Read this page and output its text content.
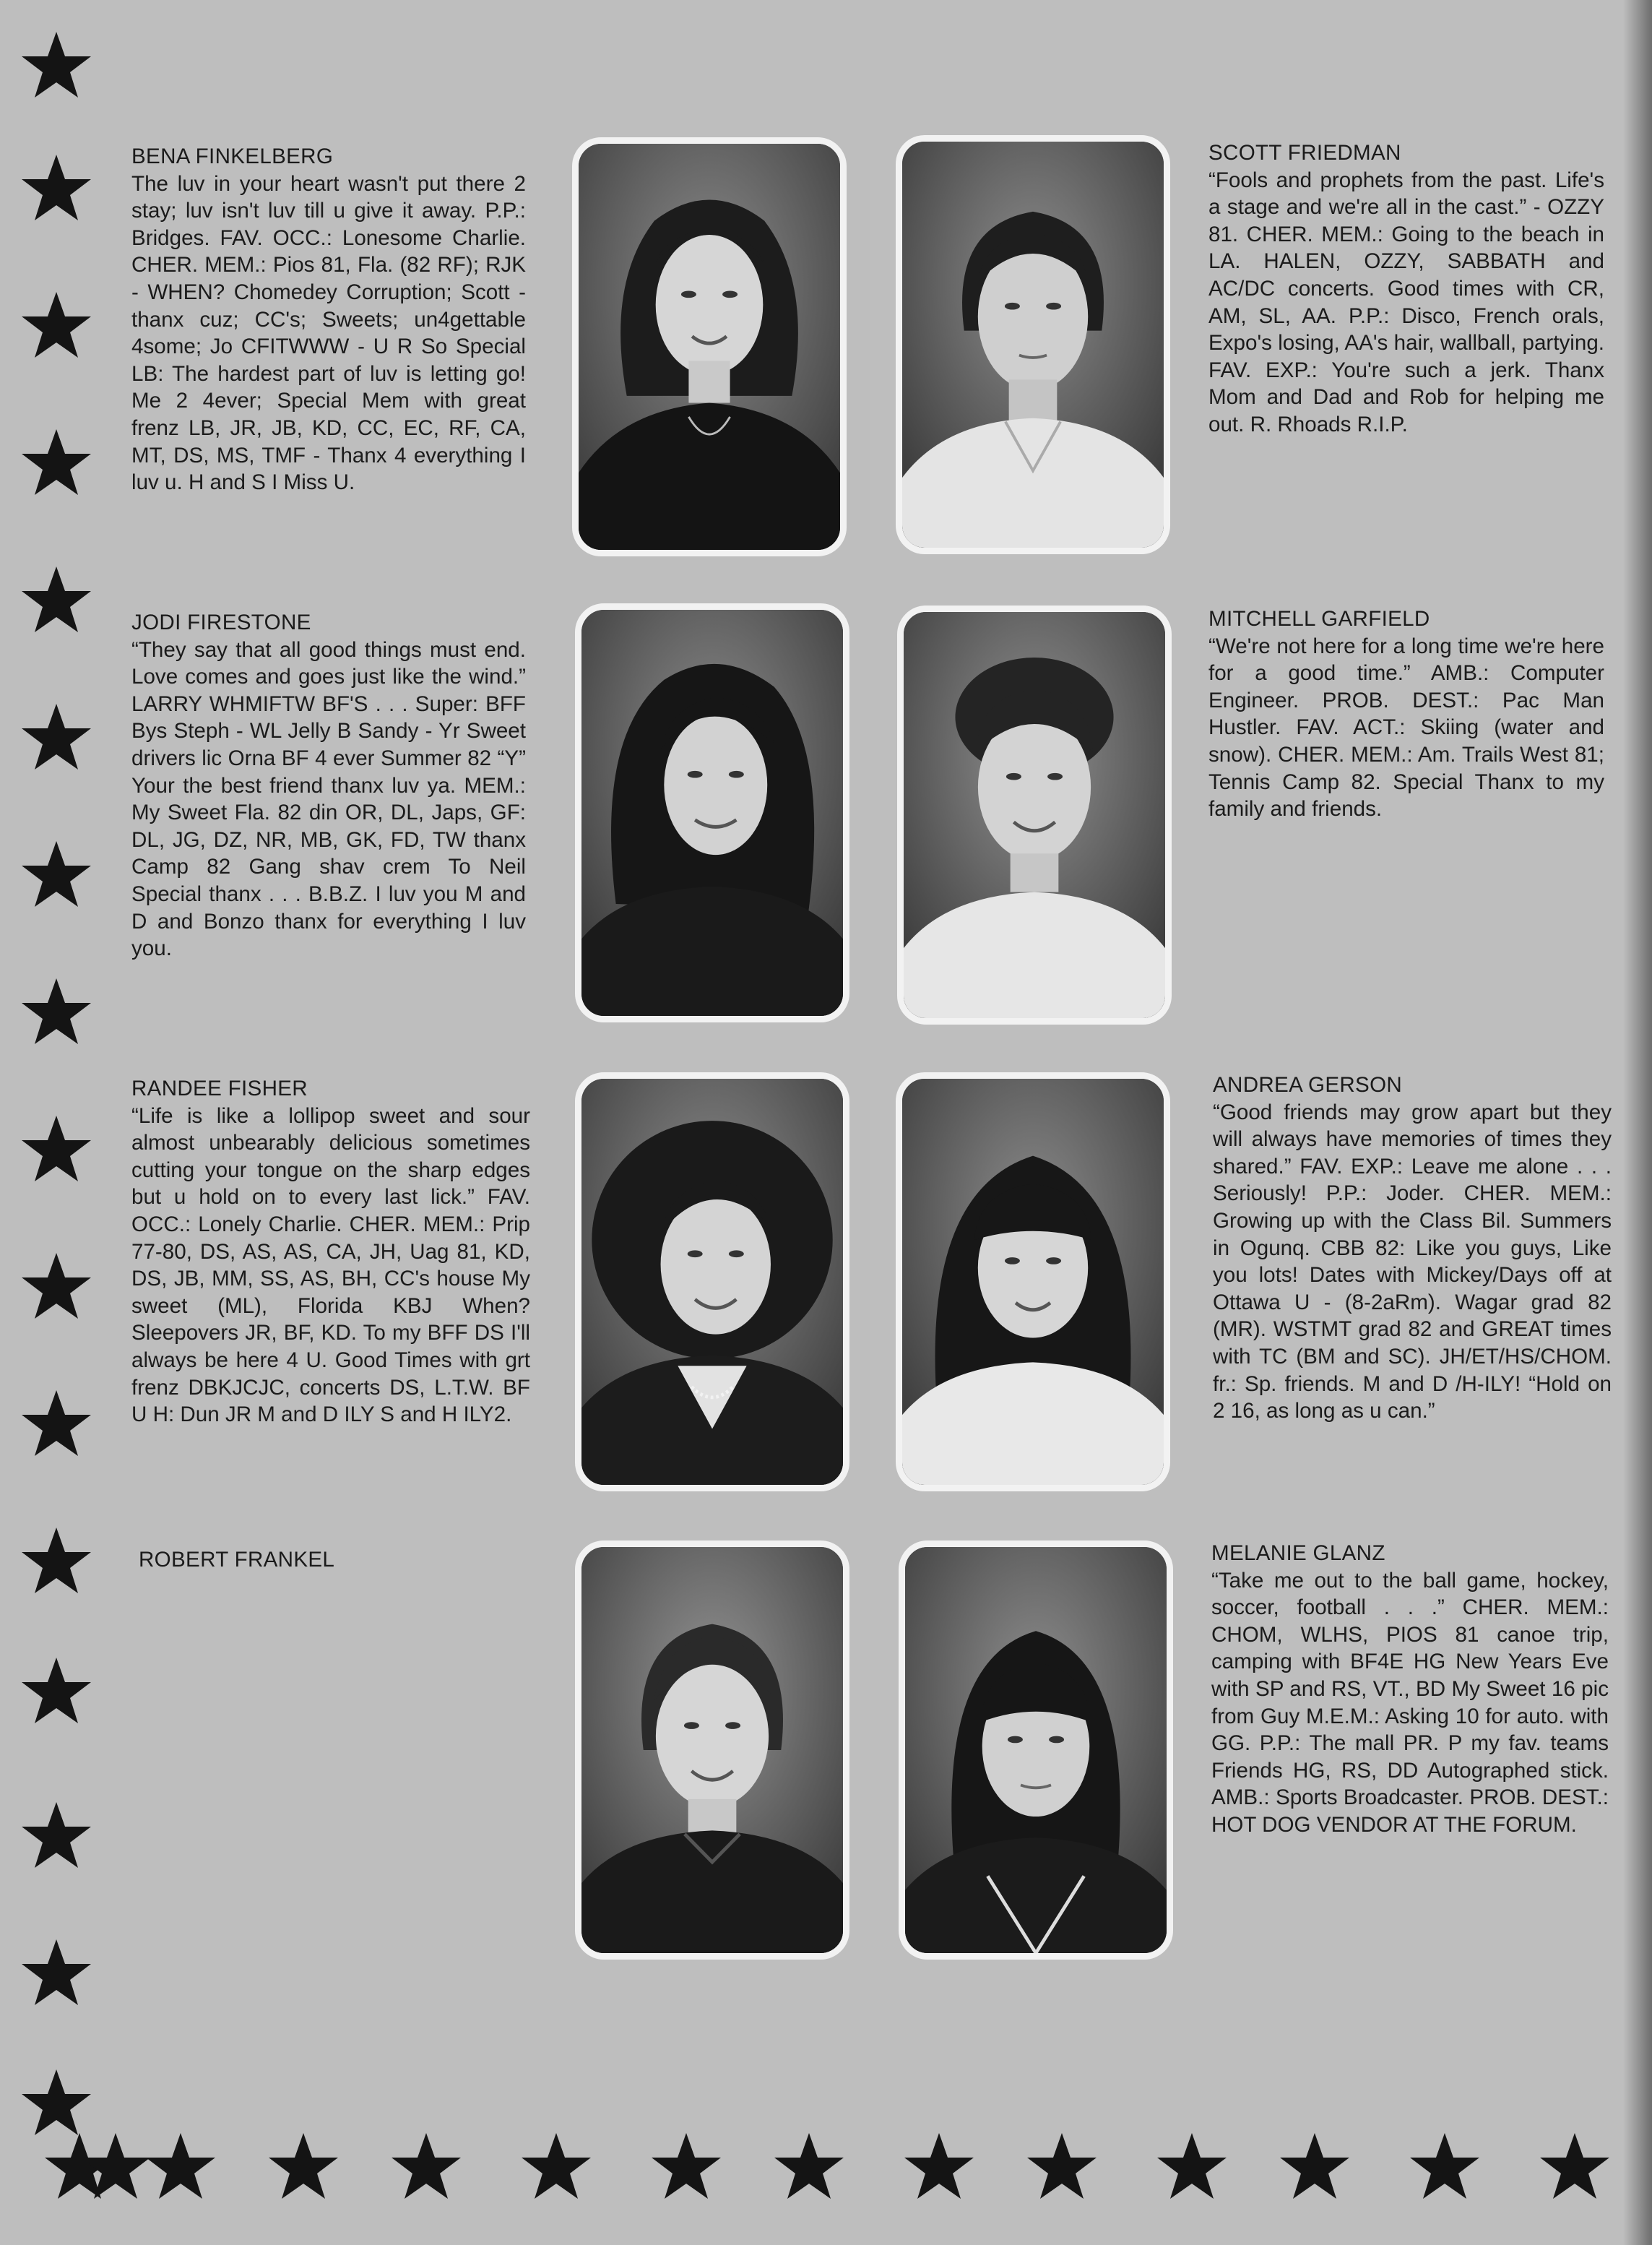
BENA FINKELBERG
The luv in your heart wasn't put there 2 stay; luv isn't luv till u give it away. P.P.: Bridges. FAV. OCC.: Lonesome Charlie. CHER. MEM.: Pios 81, Fla. (82 RF); RJK - WHEN? Chomedey Corruption; Scott - thanx cuz; CC's; Sweets; un4gettable 4some; Jo CFITWWW - U R So Special LB: The hardest part of luv is letting go! Me 2 4ever; Special Mem with great frenz LB, JR, JB, KD, CC, EC, RF, CA, MT, DS, MS, TMF - Thanx 4 everything I luv u. H and S I Miss U.

SCOTT FRIEDMAN
“Fools and prophets from the past. Life's a stage and we're all in the cast.” - OZZY 81. CHER. MEM.: Going to the beach in LA. HALEN, OZZY, SABBATH and AC/DC concerts. Good times with CR, AM, SL, AA. P.P.: Disco, French orals, Expo's losing, AA's hair, wallball, partying. FAV. EXP.: You're such a jerk. Thanx Mom and Dad and Rob for helping me out. R. Rhoads R.I.P.

JODI FIRESTONE
“They say that all good things must end. Love comes and goes just like the wind.” LARRY WHMIFTW BF'S . . . Super: BFF Bys Steph - WL Jelly B Sandy - Yr Sweet drivers lic Orna BF 4 ever Summer 82 “Y” Your the best friend thanx luv ya. MEM.: My Sweet Fla. 82 din OR, DL, Japs, GF: DL, JG, DZ, NR, MB, GK, FD, TW thanx Camp 82 Gang shav crem To Neil Special thanx . . . B.B.Z. I luv you M and D and Bonzo thanx for everything I luv you.

MITCHELL GARFIELD
“We're not here for a long time we're here for a good time.” AMB.: Computer Engineer. PROB. DEST.: Pac Man Hustler. FAV. ACT.: Skiing (water and snow). CHER. MEM.: Am. Trails West 81; Tennis Camp 82. Special Thanx to my family and friends.

RANDEE FISHER
“Life is like a lollipop sweet and sour almost unbearably delicious sometimes cutting your tongue on the sharp edges but u hold on to every last lick.” FAV. OCC.: Lonely Charlie. CHER. MEM.: Prip 77-80, DS, AS, AS, CA, JH, Uag 81, KD, DS, JB, MM, SS, AS, BH, CC's house My sweet (ML), Florida KBJ When? Sleepovers JR, BF, KD. To my BFF DS I'll always be here 4 U. Good Times with grt frenz DBKJCJC, concerts DS, L.T.W. BF U H: Dun JR M and D ILY S and H ILY2.

ANDREA GERSON
“Good friends may grow apart but they will always have memories of times they shared.” FAV. EXP.: Leave me alone . . . Seriously! P.P.: Joder. CHER. MEM.: Growing up with the Class Bil. Summers in Ogunq. CBB 82: Like you guys, Like you lots! Dates with Mickey/Days off at Ottawa U - (8-2aRm). Wagar grad 82 (MR). WSTMT grad 82 and GREAT times with TC (BM and SC). JH/ET/HS/CHOM. fr.: Sp. friends. M and D /H-ILY! “Hold on 2 16, as long as u can.”

ROBERT FRANKEL	MELANIE GLANZ
“Take me out to the ball game, hockey, soccer, football . . .” CHER. MEM.: CHOM, WLHS, PIOS 81 canoe trip, camping with BF4E HG New Years Eve with SP and RS, VT., BD My Sweet 16 pic from Guy M.E.M.: Asking 10 for auto. with GG. P.P.: The mall PR. P my fav. teams Friends HG, RS, DD Autographed stick. AMB.: Sports Broadcaster. PROB. DEST.: HOT DOG VENDOR AT THE FORUM.
